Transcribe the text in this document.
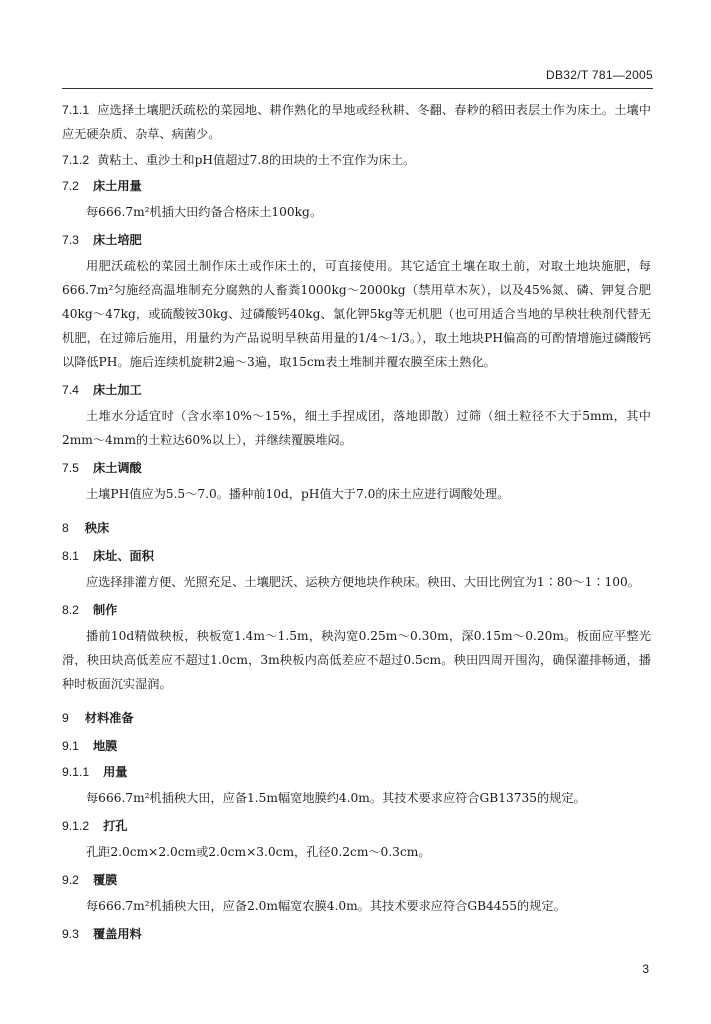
DB32/T 781—2005
7.1.1 应选择土壤肥沃疏松的菜园地、耕作熟化的旱地或经秋耕、冬翻、春耖的稻田表层土作为床土。土壤中应无硬杂质、杂草、病菌少。
7.1.2 黄粘土、重沙土和pH值超过7.8的田块的土不宜作为床土。
7.2 床土用量
每666.7m²机插大田约备合格床土100kg。
7.3 床土培肥
用肥沃疏松的菜园土制作床土或作床土的，可直接使用。其它适宜土壤在取土前，对取土地块施肥，每666.7m²匀施经高温堆制充分腐熟的人畜粪1000kg～2000kg（禁用草木灰），以及45%氮、磷、钾复合肥40kg～47kg，或硫酸铵30kg、过磷酸钙40kg、氯化钾5kg等无机肥（也可用适合当地的旱秧壮秧剂代替无机肥，在过筛后施用，用量约为产品说明旱秧苗用量的1/4～1/3。），取土地块PH偏高的可酌情增施过磷酸钙以降低PH。施后连续机旋耕2遍～3遍，取15cm表土堆制并覆农膜至床土熟化。
7.4 床土加工
土堆水分适宜时（含水率10%～15%，细土手捏成团，落地即散）过筛（细土粒径不大于5mm，其中2mm～4mm的土粒达60%以上），并继续覆膜堆闷。
7.5 床土调酸
土壤PH值应为5.5～7.0。播种前10d，pH值大于7.0的床土应进行调酸处理。
8 秧床
8.1 床址、面积
应选择排灌方便、光照充足、土壤肥沃、运秧方便地块作秧床。秧田、大田比例宜为1∶80～1∶100。
8.2 制作
播前10d精做秧板，秧板宽1.4m～1.5m，秧沟宽0.25m～0.30m，深0.15m～0.20m。板面应平整光滑，秧田块高低差应不超过1.0cm，3m秧板内高低差应不超过0.5cm。秧田四周开围沟，确保灌排畅通，播种时板面沉实湿润。
9 材料准备
9.1 地膜
9.1.1 用量
每666.7m²机插秧大田，应备1.5m幅宽地膜约4.0m。其技术要求应符合GB13735的规定。
9.1.2 打孔
孔距2.0cm×2.0cm或2.0cm×3.0cm，孔径0.2cm～0.3cm。
9.2 覆膜
每666.7m²机插秧大田，应备2.0m幅宽农膜4.0m。其技术要求应符合GB4455的规定。
9.3 覆盖用料
3
